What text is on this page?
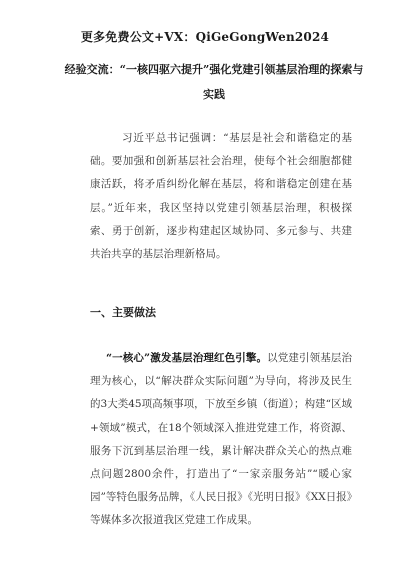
更多免费公文+VX：QiGeGongWen2024
经验交流：“一核四驱六提升”强化党建引领基层治理的探索与实践
习近平总书记强调：“基层是社会和谐稳定的基础。要加强和创新基层社会治理，使每个社会细胞都健康活跃，将矛盾纠纷化解在基层，将和谐稳定创建在基层。”近年来，我区坚持以党建引领基层治理，积极探索、勇于创新，逐步构建起区域协同、多元参与、共建共治共享的基层治理新格局。
一、主要做法
“一核心”激发基层治理红色引擎。以党建引领基层治理为核心，以“解决群众实际问题”为导向，将涉及民生的3大类45项高频事项，下放至乡镇（街道）；构建“区域+领域”模式，在18个领域深入推进党建工作，将资源、服务下沉到基层治理一线，累计解决群众关心的热点难点问题2800余件，打造出了“一家亲服务站”“暖心家园”等特色服务品牌，《人民日报》《光明日报》《XX日报》等媒体多次报道我区党建工作成果。
